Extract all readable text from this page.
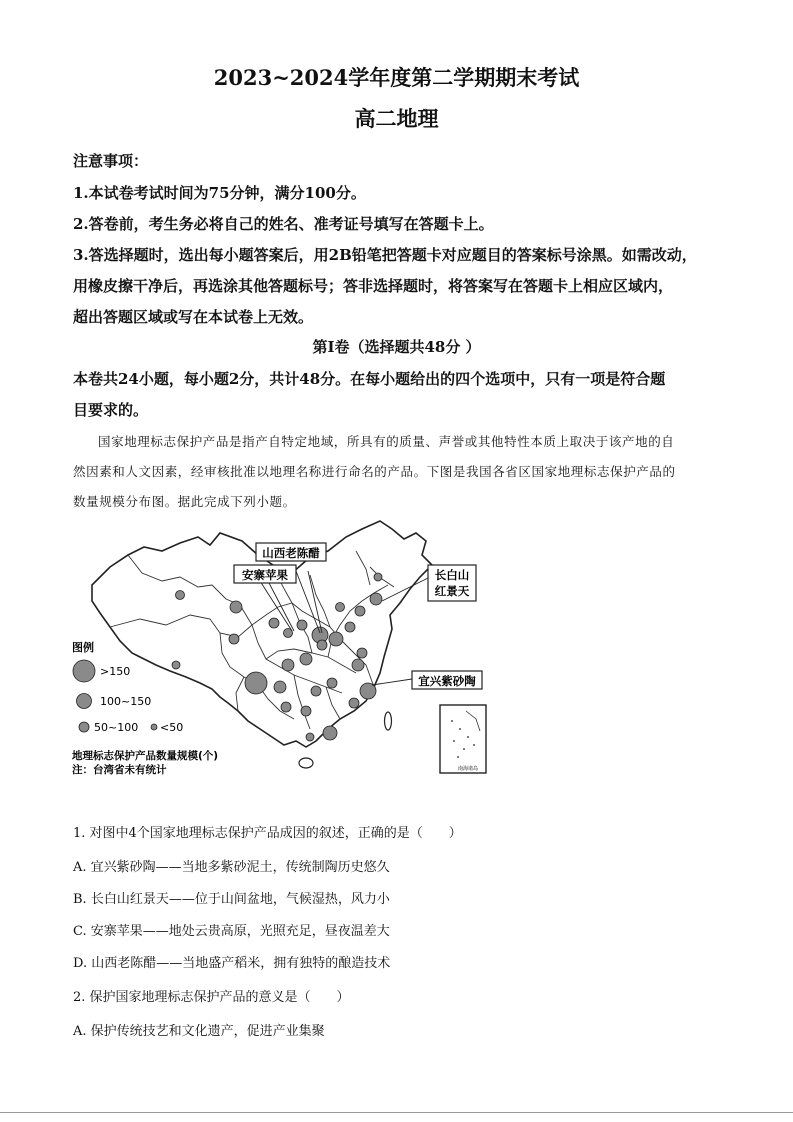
2023~2024学年度第二学期期末考试
高二地理
注意事项：
1.本试卷考试时间为75分钟，满分100分。
2.答卷前，考生务必将自己的姓名、准考证号填写在答题卡上。
3.答选择题时，选出每小题答案后，用2B铅笔把答题卡对应题目的答案标号涂黑。如需改动，
用橡皮擦干净后，再选涂其他答题标号；答非选择题时，将答案写在答题卡上相应区域内，
超出答题区域或写在本试卷上无效。
第Ⅰ卷（选择题共48分 ）
本卷共24小题，每小题2分，共计48分。在每小题给出的四个选项中，只有一项是符合题
目要求的。
国家地理标志保护产品是指产自特定地域，所具有的质量、声誉或其他特性本质上取决于该产地的自
然因素和人文因素，经审核批准以地理名称进行命名的产品。下图是我国各省区国家地理标志保护产品的
数量规模分布图。据此完成下列小题。
山西老陈醋
安寨苹果	长白山
红景天
宜兴紫砂陶
图例
>150
100~150
50~100 <50
地理标志保护产品数量规模(个)
注：台湾省未有统计	南海诸岛
1. 对图中4个国家地理标志保护产品成因的叙述，正确的是（　　）
A. 宜兴紫砂陶——当地多紫砂泥土，传统制陶历史悠久
B. 长白山红景天——位于山间盆地，气候湿热，风力小
C. 安寨苹果——地处云贵高原，光照充足，昼夜温差大
D. 山西老陈醋——当地盛产稻米，拥有独特的酿造技术
2. 保护国家地理标志保护产品的意义是（　　）
A. 保护传统技艺和文化遗产，促进产业集聚
